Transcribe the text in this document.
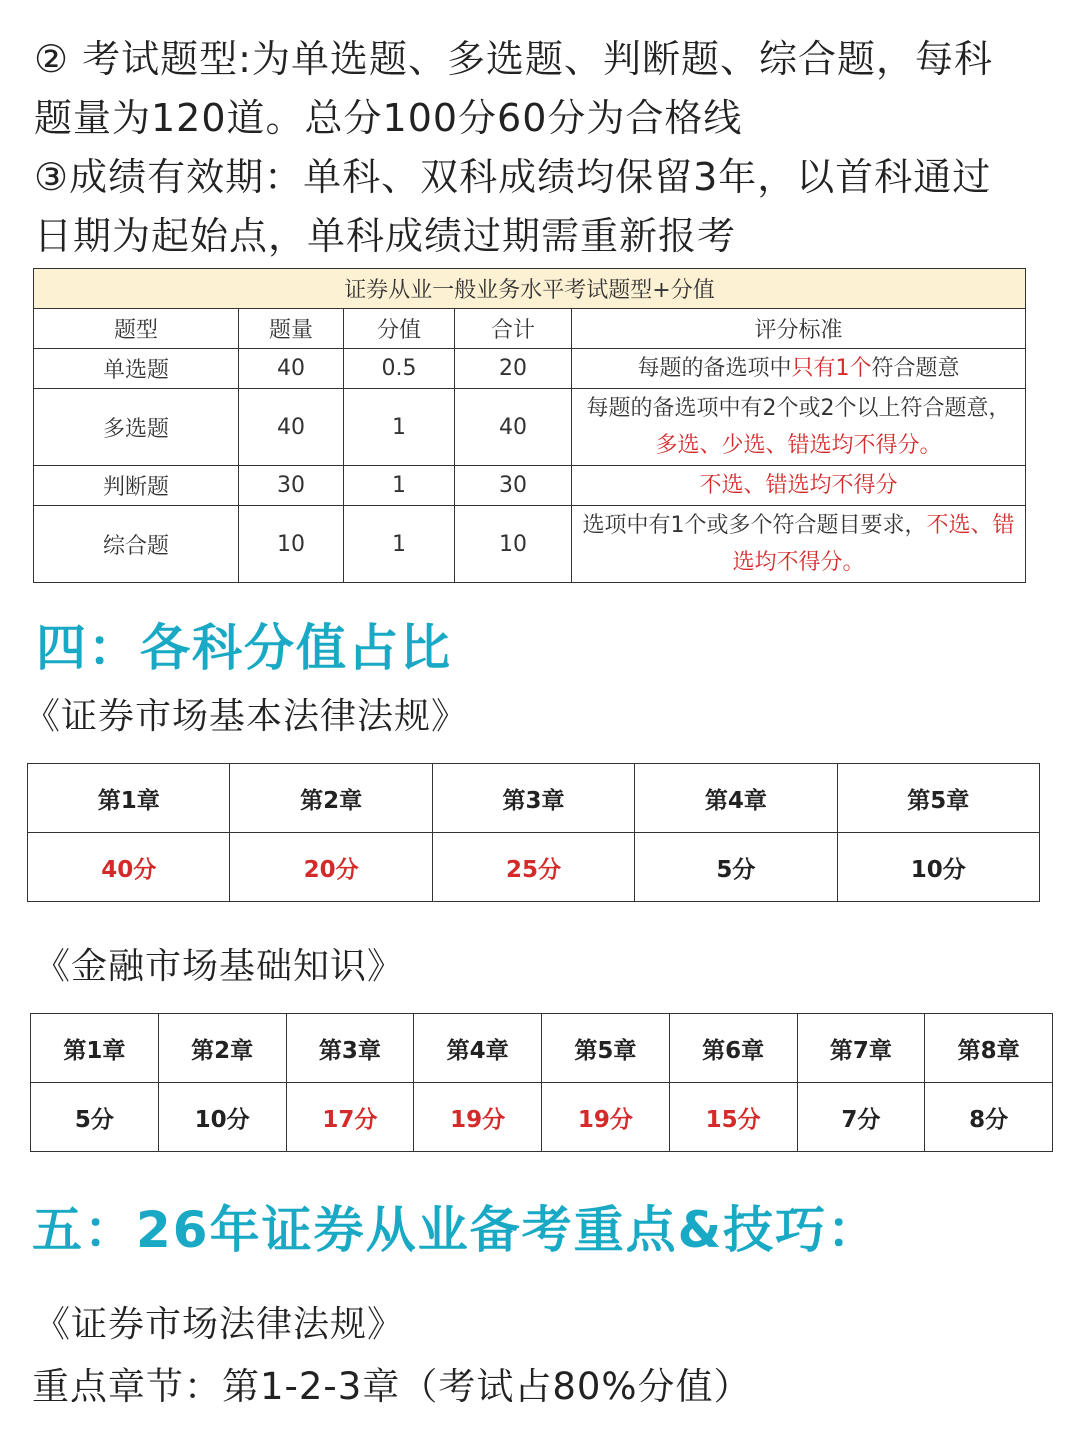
② 考试题型:为单选题、多选题、判断题、综合题，每科
题量为120道。总分100分60分为合格线
③成绩有效期：单科、双科成绩均保留3年，以首科通过
日期为起始点，单科成绩过期需重新报考
证券从业一般业务水平考试题型+分值				
题型	题量	分值	合计	评分标准
单选题	40	0.5	20	每题的备选项中只有1个符合题意
多选题	40	1	40	每题的备选项中有2个或2个以上符合题意，多选、少选、错选均不得分。
判断题	30	1	30	不选、错选均不得分
综合题	10	1	10	选项中有1个或多个符合题目要求，不选、错选均不得分。
四：各科分值占比
《证券市场基本法律法规》
第1章	第2章	第3章	第4章	第5章
40分	20分	25分	5分	10分
《金融市场基础知识》
第1章	第2章	第3章	第4章	第5章	第6章	第7章	第8章
5分	10分	17分	19分	19分	15分	7分	8分
五：26年证券从业备考重点&技巧：
《证券市场法律法规》
重点章节：第1-2-3章（考试占80%分值）
